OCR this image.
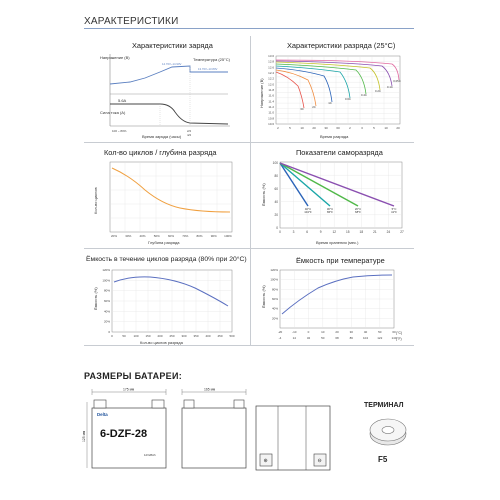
ХАРАКТЕРИСТИКИ
Характеристики заряда
Напряжение (В)	Температура (25°C)
14.70V~14.90V
13.70V~13.80V
5.6A
Сила тока (А)
100 ~ 80%	2/2
4/2
Время заряда (часы)
Характеристики разряда (25°C)
13.0
12.8
12.6
12.4
12.2
12.0
11.8
11.6
11.4
11.2
11.0
10.8
10.6
2	5	10	20	30	60	2	3	5	10	20
3C	2C
1C
0.6C
0.4C
0.2C
0.1C
0.05C
Напряжение (В)
Время разряда
Кол-во циклов / глубина разряда
20%	30%	40%	50%	60%	70%	80%	90% 100%
Кол-во циклов
Глубина разряда
Показатели саморазряда
100
80
60
40
20
0
0	3	6	9	12	15	18	21	24	27
40°C 104°F
30°C 86°F
20°C 68°F
5°C 41°F
Ёмкость (%)
Время хранения (мес.)
Ёмкость в течение циклов разряда (80% при 20°C)
120%
100%
80%
60%
40%
20%
0
0	50	100 150 200 250 300 350 400 450 500
Ёмкость (%)
Кол-во циклов разряда
Ёмкость при температуре
120%
100%
80%
60%
40%
20%
-20	-10	0	10	20	30	40	50	60
-4	14	32	50	68	86	104	122	140
Ёмкость (%)
(°C)
(°F)
РАЗМЕРЫ БАТАРЕИ:
175 мм
125 мм
Delta
6-DZF-28
12V28Ah
165 мм
⊕	⊖
ТЕРМИНАЛ
F5
